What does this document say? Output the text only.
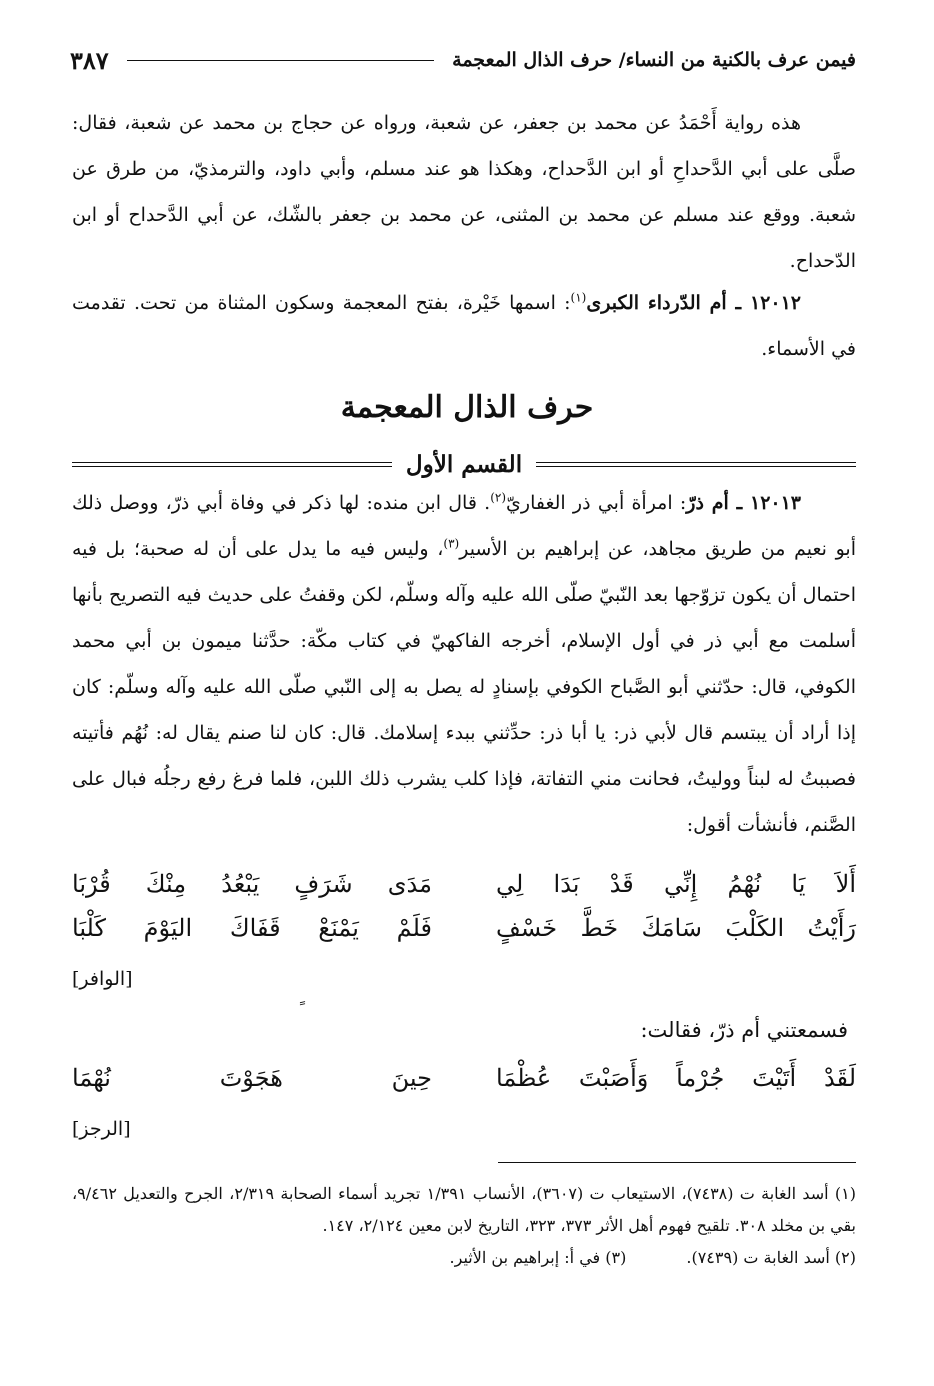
فيمن عرف بالكنية من النساء/ حرف الذال المعجمة
٣٨٧
هذه رواية أَحْمَدُ عن محمد بن جعفر، عن شعبة، ورواه عن حجاج بن محمد عن شعبة، فقال: صلَّى على أبي الدَّحداحِ أو ابن الدَّحداح، وهكذا هو عند مسلم، وأبي داود، والترمذيّ، من طرق عن شعبة. ووقع عند مسلم عن محمد بن المثنى، عن محمد بن جعفر بالشّك، عن أبي الدَّحداح أو ابن الدّحداح.
١٢٠١٢ ـ أم الدّرداء الكبرى$^{(١)}$: اسمها خَيْرة، بفتح المعجمة وسكون المثناة من تحت. تقدمت في الأسماء.
حرف الذال المعجمة
القسم الأول
١٢٠١٣ ـ أم ذرّ: امرأة أبي ذر الغفاريّ$^{(٢)}$. قال ابن منده: لها ذكر في وفاة أبي ذرّ، ووصل ذلك أبو نعيم من طريق مجاهد، عن إبراهيم بن الأسير$^{(٣)}$، وليس فيه ما يدل على أن له صحبة؛ بل فيه احتمال أن يكون تزوّجها بعد النّبيّ صلّى الله عليه وآله وسلّم، لكن وقفتُ على حديث فيه التصريح بأنها أسلمت مع أبي ذر في أول الإسلام، أخرجه الفاكهيّ في كتاب مكّة: حدَّثنا ميمون بن أبي محمد الكوفي، قال: حدّثني أبو الصَّباح الكوفي بإسنادٍ له يصل به إلى النّبي صلّى الله عليه وآله وسلّم: كان إذا أراد أن يبتسم قال لأبي ذر: يا أبا ذر: حدِّثني ببدء إسلامك. قال: كان لنا صنم يقال له: نُهُم فأتيته فصببتُ له لبناً ووليتُ، فحانت مني التفاتة، فإذا كلب يشرب ذلك اللبن، فلما فرغ رفع رجلُه فبال على الصَّنم، فأنشأت أقول:
أَلاَ يَا نُهْمُ إِنِّي قَدْ بَدَا لِي
مَدَى شَرَفٍ يَبْعُدُ مِنْكَ قُرْبَا
رَأَيْتُ الكَلْبَ سَامَكَ خَطَّ خَسْفٍ
فَلَمْ يَمْنَعْ قَفَاكَ اليَوْمَ كَلْبَا
[الوافر]
فسمعتني أم ذرّ، فقالت:
لَقَدْ أَتَيْتَ جُرْماً وَأَصَبْتَ عُظْمَا
حِينَ هَجَوْتَ نُهْمَا
[الرجز]
(١) أسد الغابة ت (٧٤٣٨)، الاستيعاب ت (٣٦٠٧)، الأنساب ١/٣٩١ تجريد أسماء الصحابة ٢/٣١٩، الجرح والتعديل ٩/٤٦٢، بقي بن مخلد ٣٠٨. تلقيح فهوم أهل الأثر ٣٧٣، ٣٢٣، التاريخ لابن معين ٢/١٢٤، ١٤٧.
(٢) أسد الغابة ت (٧٤٣٩).
(٣) في أ: إبراهيم بن الأثير.
